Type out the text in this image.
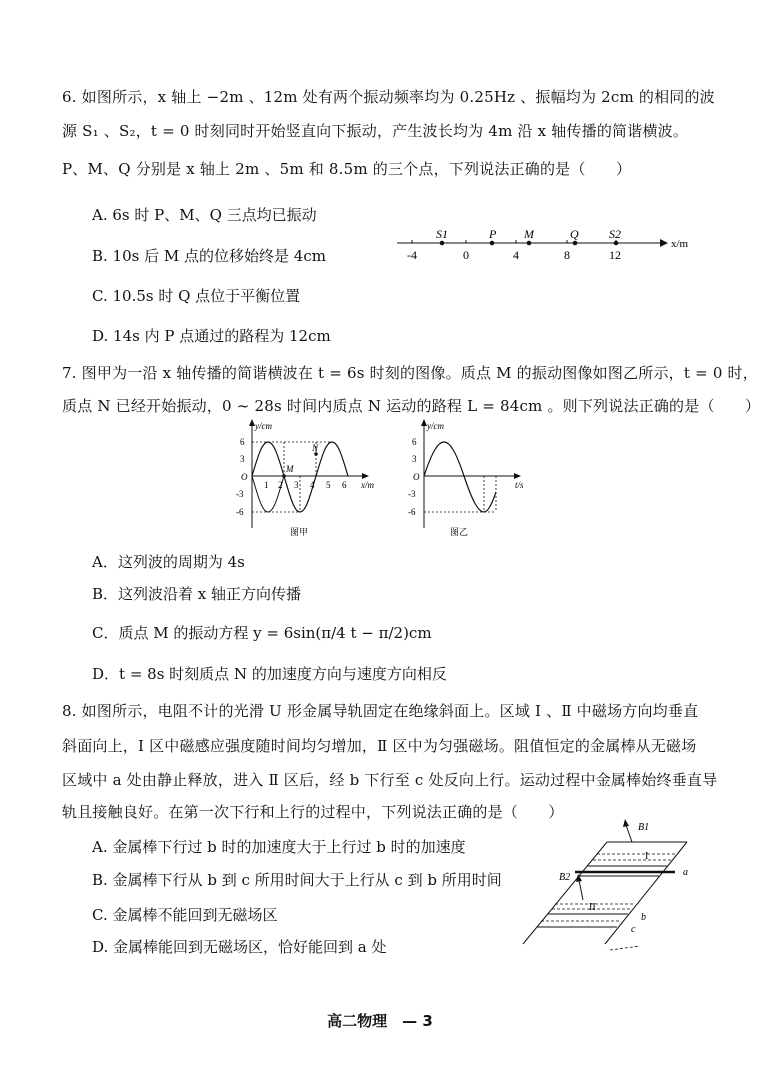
6. 如图所示，x 轴上 −2m 、12m 处有两个振动频率均为 0.25Hz 、振幅均为 2cm 的相同的波
源 S₁ 、S₂，t = 0 时刻同时开始竖直向下振动，产生波长均为 4m 沿 x 轴传播的简谐横波。
P、M、Q 分别是 x 轴上 2m 、5m 和 8.5m 的三个点，下列说法正确的是（　　）
A. 6s 时 P、M、Q 三点均已振动
B. 10s 后 M 点的位移始终是 4cm
C. 10.5s 时 Q 点位于平衡位置
D. 14s 内 P 点通过的路程为 12cm
x/m
S1	P M	Q	S2
-4	0	4	8	12
7. 图甲为一沿 x 轴传播的简谐横波在 t = 6s 时刻的图像。质点 M 的振动图像如图乙所示，t = 0 时，
质点 N 已经开始振动，0 ~ 28s 时间内质点 N 运动的路程 L = 84cm 。则下列说法正确的是（　　）
y/cm
x/m
6
3
O
-3
-6
1 2 3 4 5 6
M
N
图甲
y/cm
t/s
6
3
O
-3
-6
图乙
A．这列波的周期为 4s
B．这列波沿着 x 轴正方向传播
C．质点 M 的振动方程 y = 6sin(π/4 t − π/2)cm
D．t = 8s 时刻质点 N 的加速度方向与速度方向相反
8. 如图所示，电阻不计的光滑 U 形金属导轨固定在绝缘斜面上。区域 Ⅰ 、Ⅱ 中磁场方向均垂直
斜面向上，Ⅰ 区中磁感应强度随时间均匀增加，Ⅱ 区中为匀强磁场。阻值恒定的金属棒从无磁场
区域中 a 处由静止释放，进入 Ⅱ 区后，经 b 下行至 c 处反向上行。运动过程中金属棒始终垂直导
轨且接触良好。在第一次下行和上行的过程中，下列说法正确的是（　　）
A. 金属棒下行过 b 时的加速度大于上行过 b 时的加速度
B. 金属棒下行从 b 到 c 所用时间大于上行从 c 到 b 所用时间
C. 金属棒不能回到无磁场区
D. 金属棒能回到无磁场区，恰好能回到 a 处
B1
I
a
B2
II
b
c
高二物理　— 3
